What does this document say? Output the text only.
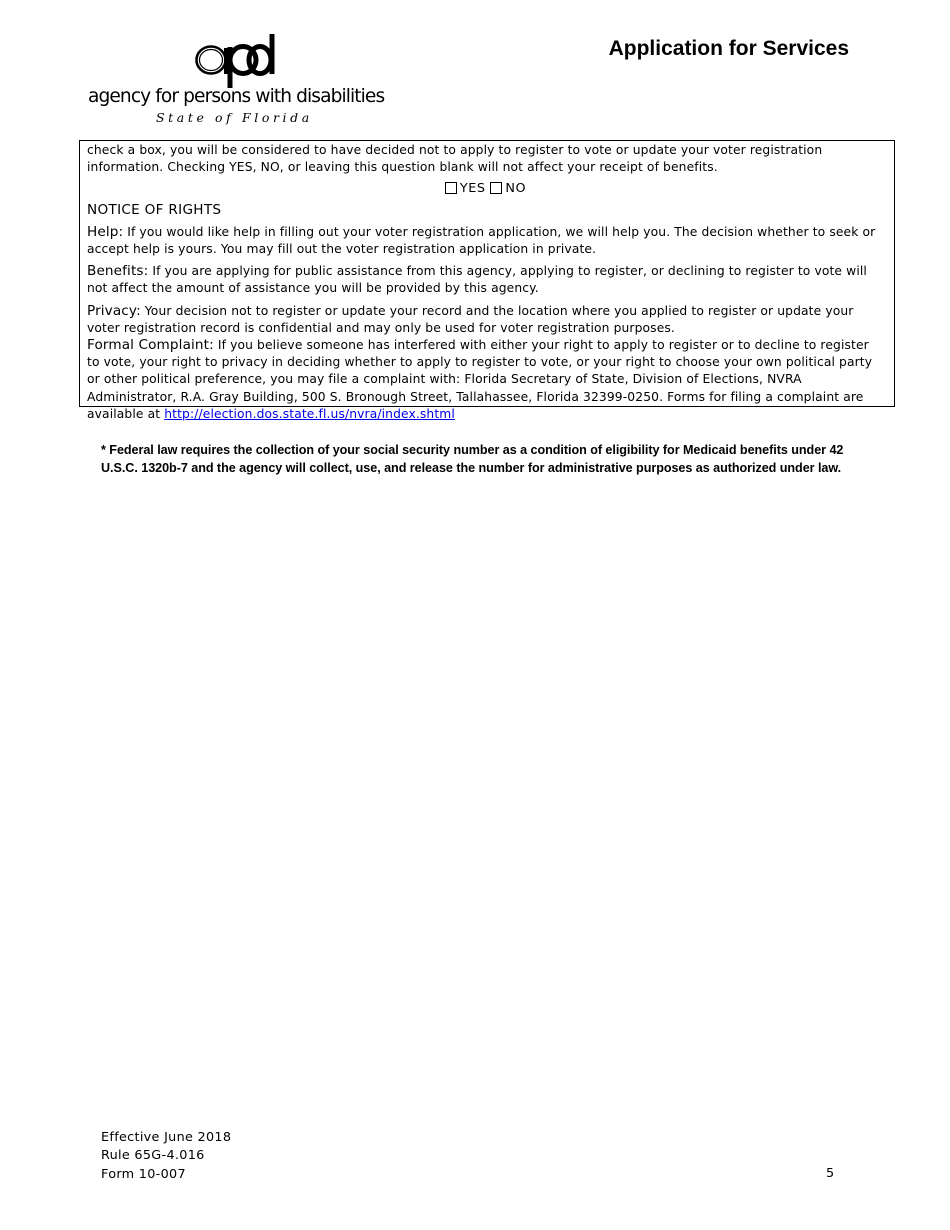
agency for persons with disabilities
State of Florida
Application for Services

check a box, you will be considered to have decided not to apply to register to vote or update your voter registration information. Checking YES, NO, or leaving this question blank will not affect your receipt of benefits.

YES NO

NOTICE OF RIGHTS

Help: If you would like help in filling out your voter registration application, we will help you. The decision whether to seek or accept help is yours. You may fill out the voter registration application in private.

Benefits: If you are applying for public assistance from this agency, applying to register, or declining to register to vote will not affect the amount of assistance you will be provided by this agency.

Privacy: Your decision not to register or update your record and the location where you applied to register or update your voter registration record is confidential and may only be used for voter registration purposes.

Formal Complaint: If you believe someone has interfered with either your right to apply to register or to decline to register to vote, your right to privacy in deciding whether to apply to register to vote, or your right to choose your own political party or other political preference, you may file a complaint with: Florida Secretary of State, Division of Elections, NVRA Administrator, R.A. Gray Building, 500 S. Bronough Street, Tallahassee, Florida 32399-0250. Forms for filing a complaint are available at http://election.dos.state.fl.us/nvra/index.shtml

* Federal law requires the collection of your social security number as a condition of eligibility for Medicaid benefits under 42 U.S.C. 1320b-7 and the agency will collect, use, and release the number for administrative purposes as authorized under law.

Effective June 2018
Rule 65G-4.016
Form 10-007	5
